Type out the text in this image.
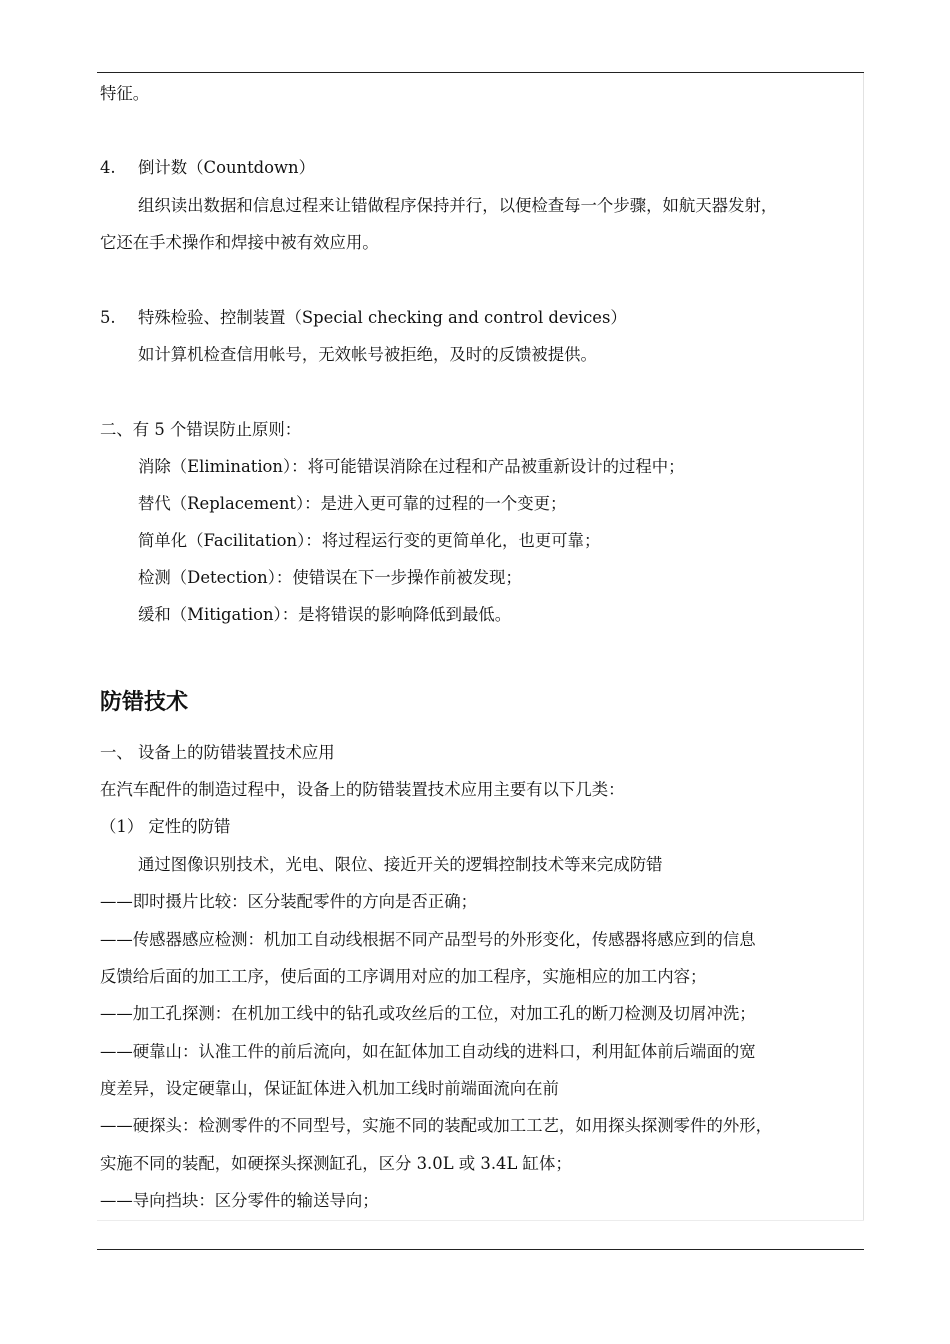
特征。
4. 倒计数（Countdown）
组织读出数据和信息过程来让错做程序保持并行，以便检查每一个步骤，如航天器发射，
它还在手术操作和焊接中被有效应用。
5. 特殊检验、控制装置（Special checking and control devices）
如计算机检查信用帐号，无效帐号被拒绝，及时的反馈被提供。
二、有 5 个错误防止原则：
消除（Elimination）：将可能错误消除在过程和产品被重新设计的过程中；
替代（Replacement）：是进入更可靠的过程的一个变更；
简单化（Facilitation）：将过程运行变的更简单化，也更可靠；
检测（Detection）：使错误在下一步操作前被发现；
缓和（Mitigation）：是将错误的影响降低到最低。
防错技术
一、 设备上的防错装置技术应用
在汽车配件的制造过程中，设备上的防错装置技术应用主要有以下几类：
（1） 定性的防错
通过图像识别技术，光电、限位、接近开关的逻辑控制技术等来完成防错
——即时摄片比较：区分装配零件的方向是否正确；
——传感器感应检测：机加工自动线根据不同产品型号的外形变化，传感器将感应到的信息
反馈给后面的加工工序，使后面的工序调用对应的加工程序，实施相应的加工内容；
——加工孔探测：在机加工线中的钻孔或攻丝后的工位，对加工孔的断刀检测及切屑冲洗；
——硬靠山：认准工件的前后流向，如在缸体加工自动线的进料口，利用缸体前后端面的宽
度差异，设定硬靠山，保证缸体进入机加工线时前端面流向在前
——硬探头：检测零件的不同型号，实施不同的装配或加工工艺，如用探头探测零件的外形，
实施不同的装配，如硬探头探测缸孔，区分 3.0L 或 3.4L 缸体；
——导向挡块：区分零件的输送导向；
